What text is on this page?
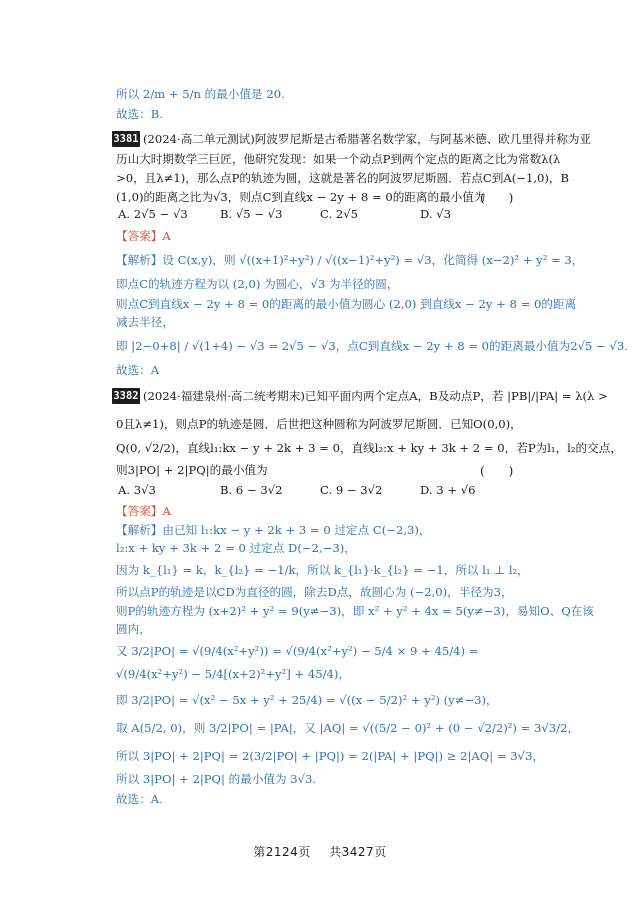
所以 2/m + 5/n 的最小值是 20.
故选：B.
3381 (2024·高二单元测试)阿波罗尼斯是古希腊著名数学家，与阿基米德、欧几里得并称为亚
历山大时期数学三巨匠，他研究发现：如果一个动点P到两个定点的距离之比为常数λ(λ
>0，且λ≠1)，那么点P的轨迹为圆，这就是著名的阿波罗尼斯圆．若点C到A(−1,0)，B
(1,0)的距离之比为√3，则点C到直线x − 2y + 8 = 0的距离的最小值为
(　　)
A. 2√5 − √3	B. √5 − √3	C. 2√5	D. √3
【答案】A
【解析】设 C(x,y)，则 √((x+1)²+y²) / √((x−1)²+y²) = √3，化简得 (x−2)² + y² = 3，
即点C的轨迹方程为以 (2,0) 为圆心，√3 为半径的圆，
则点C到直线x − 2y + 8 = 0的距离的最小值为圆心 (2,0) 到直线x − 2y + 8 = 0的距离
减去半径，
即 |2−0+8| / √(1+4) − √3 = 2√5 − √3，点C到直线x − 2y + 8 = 0的距离最小值为2√5 − √3.
故选：A
3382 (2024·福建泉州·高二统考期末)已知平面内两个定点A，B及动点P，若 |PB|/|PA| = λ(λ >
0且λ≠1)，则点P的轨迹是圆．后世把这种圆称为阿波罗尼斯圆．已知O(0,0)，
Q(0, √2/2)，直线l₁:kx − y + 2k + 3 = 0，直线l₂:x + ky + 3k + 2 = 0，若P为l₁，l₂的交点，
则3|PO| + 2|PQ|的最小值为	(　　)
A. 3√3	B. 6 − 3√2	C. 9 − 3√2	D. 3 + √6
【答案】A
【解析】由已知 l₁:kx − y + 2k + 3 = 0 过定点 C(−2,3)，
l₂:x + ky + 3k + 2 = 0 过定点 D(−2,−3)，
因为 k_{l₁} = k，k_{l₂} = −1/k，所以 k_{l₁}·k_{l₂} = −1，所以 l₁ ⊥ l₂，
所以点P的轨迹是以CD为直径的圆，除去D点，故圆心为 (−2,0)，半径为3，
则P的轨迹方程为 (x+2)² + y² = 9(y≠−3)，即 x² + y² + 4x = 5(y≠−3)，易知O、Q在该
圆内，
又 3/2|PO| = √(9/4(x²+y²)) = √(9/4(x²+y²) − 5/4 × 9 + 45/4) =
√(9/4(x²+y²) − 5/4[(x+2)²+y²] + 45/4)，
即 3/2|PO| = √(x² − 5x + y² + 25/4) = √((x − 5/2)² + y²) (y≠−3)，
取 A(5/2, 0)，则 3/2|PO| = |PA|，又 |AQ| = √((5/2 − 0)² + (0 − √2/2)²) = 3√3/2，
所以 3|PO| + 2|PQ| = 2(3/2|PO| + |PQ|) = 2(|PA| + |PQ|) ≥ 2|AQ| = 3√3，
所以 3|PO| + 2|PQ| 的最小值为 3√3.
故选：A.
第2124页 共3427页
